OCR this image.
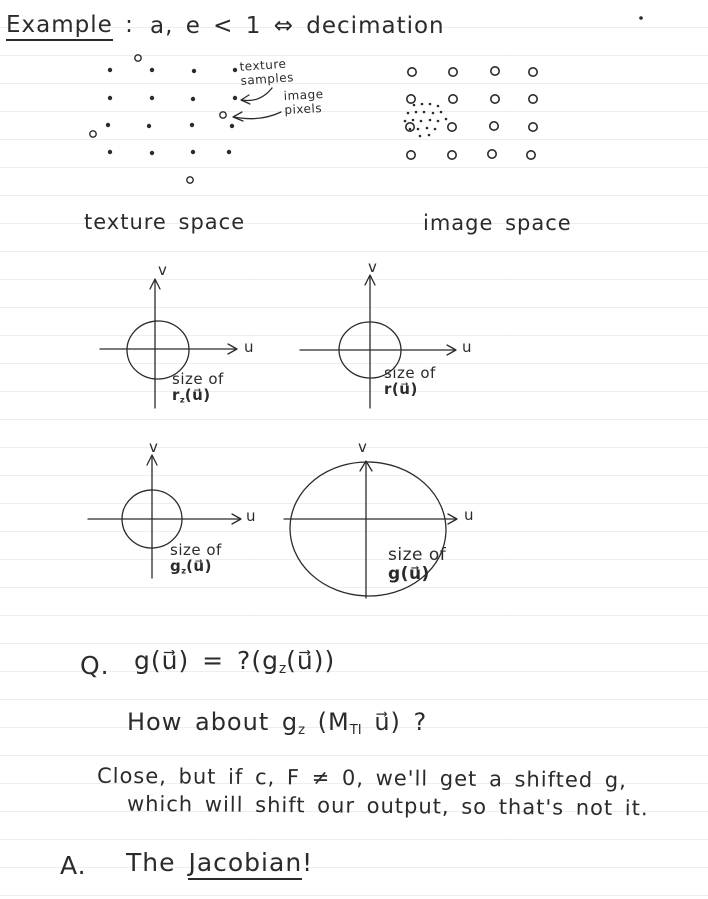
Example : a, e < 1 ⇔ decimation
texture
samples
image
pixels
texture space	image space
u
v
u
v
u
v
u
v
size of
$r_z(u⃗)$
size of
r(u⃗)
size of
$g_z(u⃗)$
size of
g(u⃗)
Q. g(u⃗) = $?(g_z(u⃗))$
How about $g_z$ ($M_{TI}$ u⃗) ?
Close, but if c, F ≠ 0, we'll get a shifted g,
which will shift our output, so that's not it.
A. The Jacobian!
